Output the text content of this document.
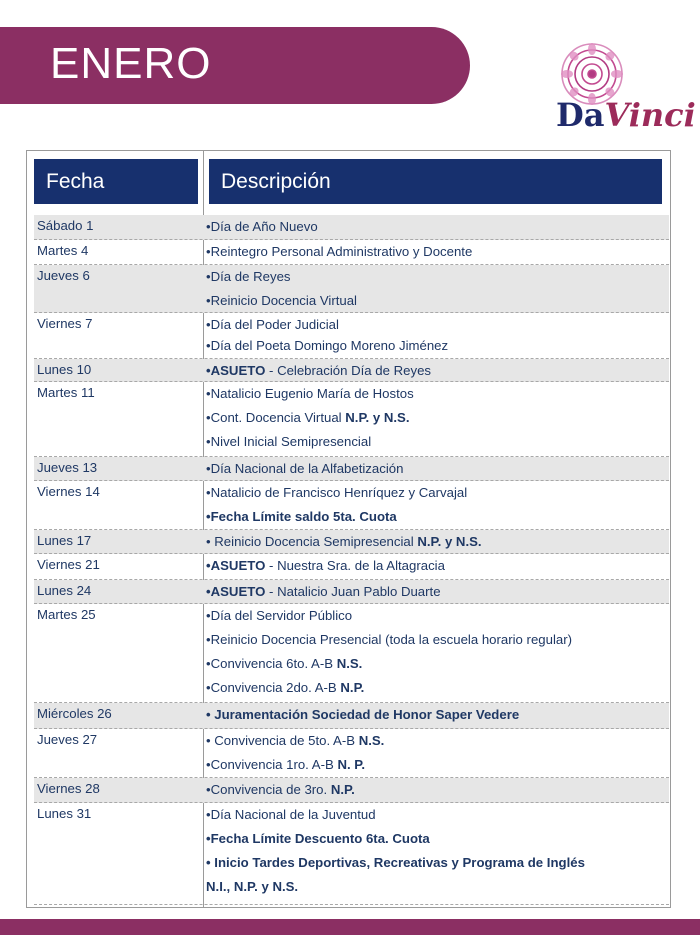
ENERO
DaVinci
Fecha	Descripción
Sábado 1	•Día de Año Nuevo
Martes 4	•Reintegro Personal Administrativo y Docente
Jueves 6	•Día de Reyes
•Reinicio Docencia Virtual
Viernes 7	•Día del Poder Judicial
•Día del Poeta Domingo Moreno Jiménez
Lunes 10	•ASUETO - Celebración Día de Reyes
Martes 11	•Natalicio Eugenio María de Hostos
•Cont. Docencia Virtual N.P. y N.S.
•Nivel Inicial Semipresencial
Jueves 13	•Día Nacional de la Alfabetización
Viernes 14	•Natalicio de Francisco Henríquez y Carvajal
•Fecha Límite saldo 5ta. Cuota
Lunes 17	• Reinicio Docencia Semipresencial N.P. y N.S.
Viernes 21	•ASUETO - Nuestra Sra. de la Altagracia
Lunes 24	•ASUETO - Natalicio Juan Pablo Duarte
Martes 25	•Día del Servidor Público
•Reinicio Docencia Presencial (toda la escuela horario regular)
•Convivencia 6to. A-B N.S.
•Convivencia 2do. A-B N.P.
Miércoles 26	• Juramentación Sociedad de Honor Saper Vedere
Jueves 27	• Convivencia de 5to. A-B N.S.
•Convivencia 1ro. A-B N. P.
Viernes 28	•Convivencia de 3ro. N.P.
Lunes 31	•Día Nacional de la Juventud
•Fecha Límite Descuento 6ta. Cuota
• Inicio Tardes Deportivas, Recreativas y Programa de Inglés
N.I., N.P. y N.S.
